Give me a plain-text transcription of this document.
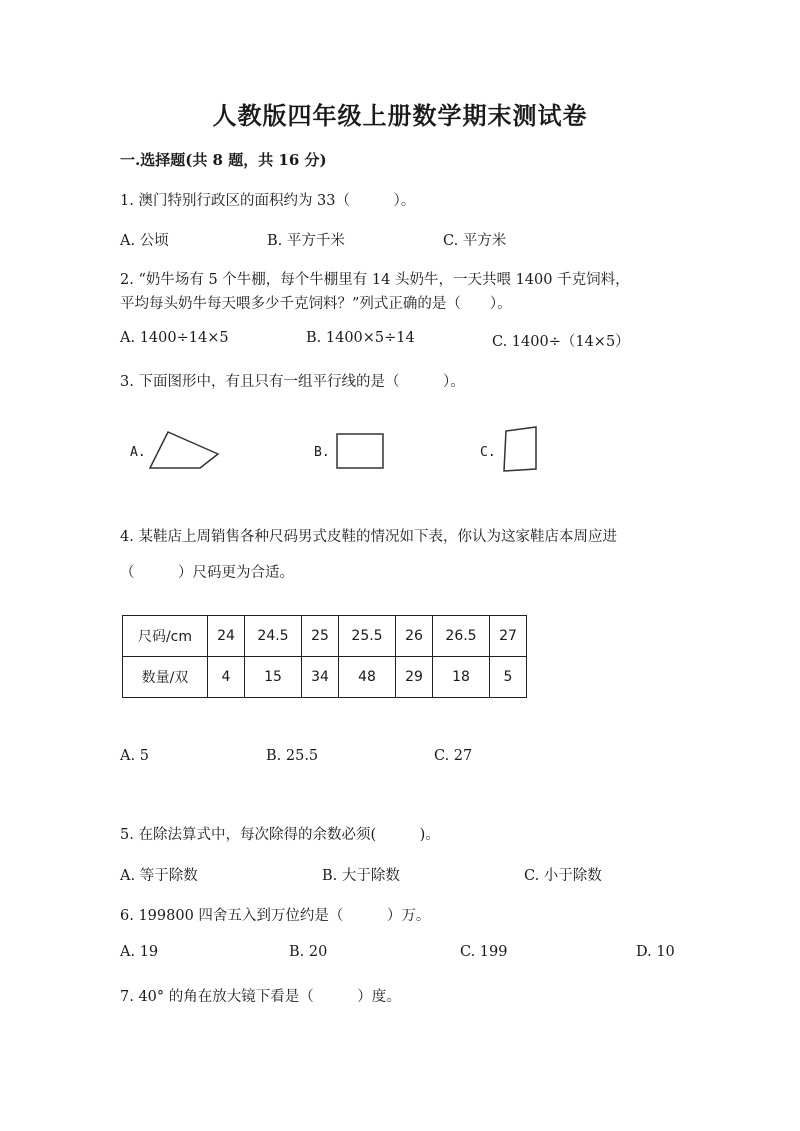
人教版四年级上册数学期末测试卷
一.选择题(共 8 题，共 16 分)
1. 澳门特别行政区的面积约为 33（　　　）。
A. 公顷	B. 平方千米	C. 平方米
2. “奶牛场有 5 个牛棚，每个牛棚里有 14 头奶牛，一天共喂 1400 千克饲料，
平均每头奶牛每天喂多少千克饲料？”列式正确的是（　　）。
A. 1400÷14×5	B. 1400×5÷14	C. 1400÷（14×5）
3. 下面图形中，有且只有一组平行线的是（　　　）。
A.	B.	C.
4. 某鞋店上周销售各种尺码男式皮鞋的情况如下表，你认为这家鞋店本周应进
（　　　）尺码更为合适。
尺码/cm	24	24.5	25	25.5	26	26.5	27
数量/双	4	15	34	48	29	18	5
A. 5	B. 25.5	C. 27
5. 在除法算式中，每次除得的余数必须(　　　)。
A. 等于除数	B. 大于除数	C. 小于除数
6. 199800 四舍五入到万位约是（　　　）万。
A. 19	B. 20	C. 199	D. 10
7. 40° 的角在放大镜下看是（　　　）度。
